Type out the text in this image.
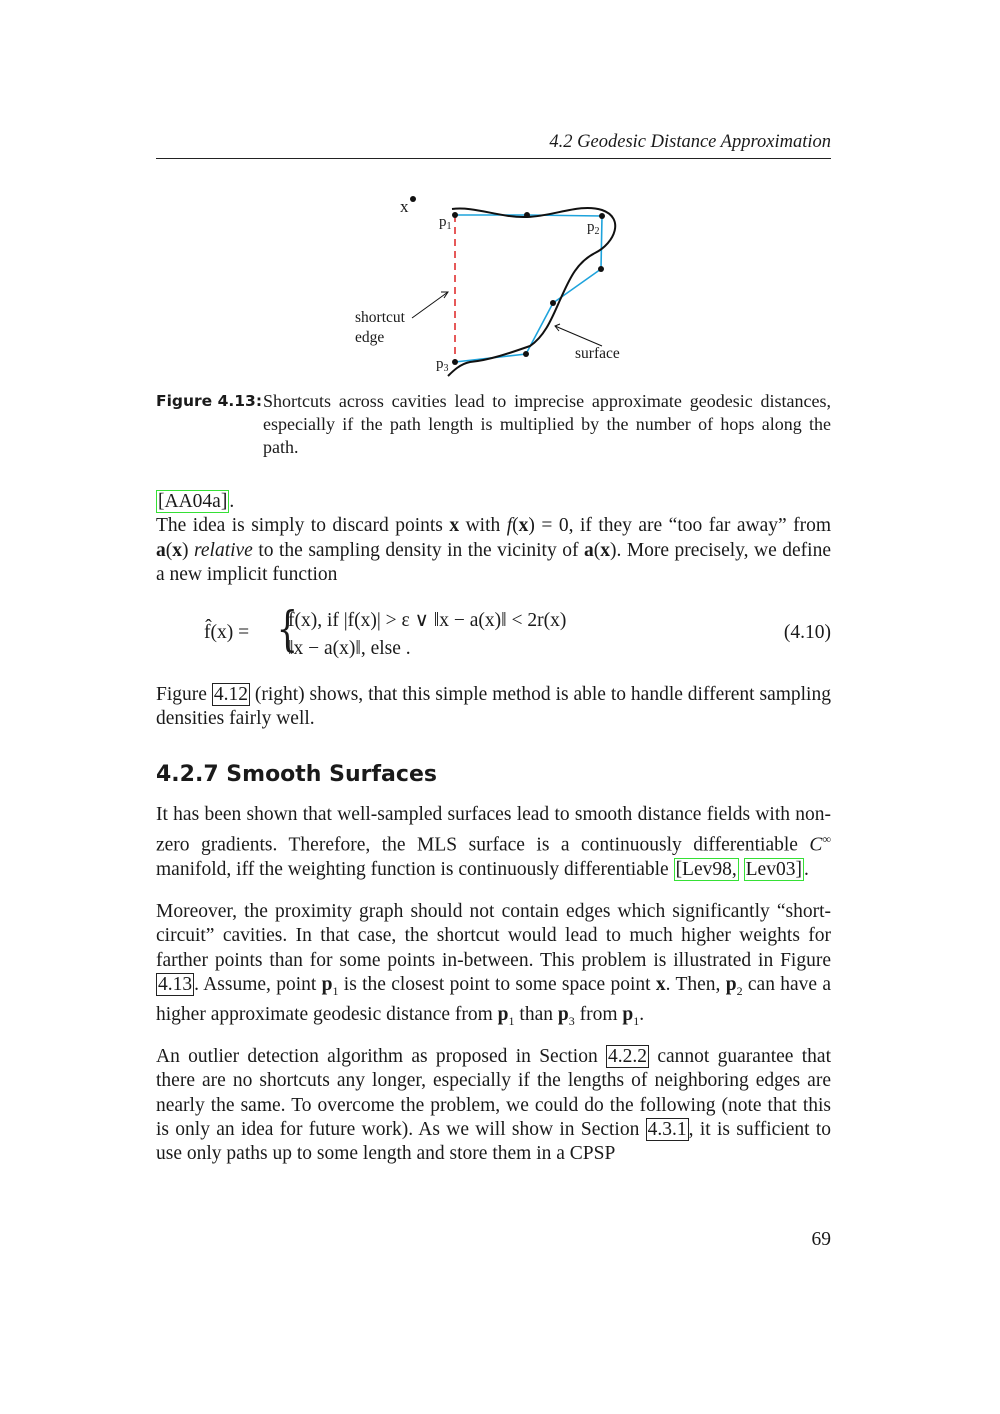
4.2 Geodesic Distance Approximation
x
$p_1$	$p_2$
$p_3$
shortcut
edge
surface
Figure 4.13: Shortcuts across cavities lead to imprecise approximate geodesic distances, especially if the path length is multiplied by the number of hops along the path.
[AA04a] .
The idea is simply to discard points x with f(x) = 0, if they are “too far away” from a(x) relative to the sampling density in the vicinity of a(x). More precisely, we define a new implicit function
f̂(x) = {
f(x), if |f(x)| > ε ∨ ‖x − a(x)‖ < 2r(x)
‖x − a(x)‖, else .
(4.10)
Figure 4.12 (right) shows, that this simple method is able to handle different sampling densities fairly well.
4.2.7 Smooth Surfaces
It has been shown that well-sampled surfaces lead to smooth distance fields with non-zero gradients. Therefore, the MLS surface is a continuously differentiable C∞ manifold, iff the weighting function is continuously differentiable [Lev98, Lev03] .
Moreover, the proximity graph should not contain edges which significantly “short-circuit” cavities. In that case, the shortcut would lead to much higher weights for farther points than for some points in-between. This problem is illustrated in Figure 4.13 . Assume, point $p_1$ is the closest point to some space point x. Then, $p_2$ can have a higher approximate geodesic distance from $p_1$ than $p_3$ from $p_1$.
An outlier detection algorithm as proposed in Section 4.2.2 cannot guarantee that there are no shortcuts any longer, especially if the lengths of neighboring edges are nearly the same. To overcome the problem, we could do the following (note that this is only an idea for future work). As we will show in Section 4.3.1 , it is sufficient to use only paths up to some length and store them in a CPSP
69
